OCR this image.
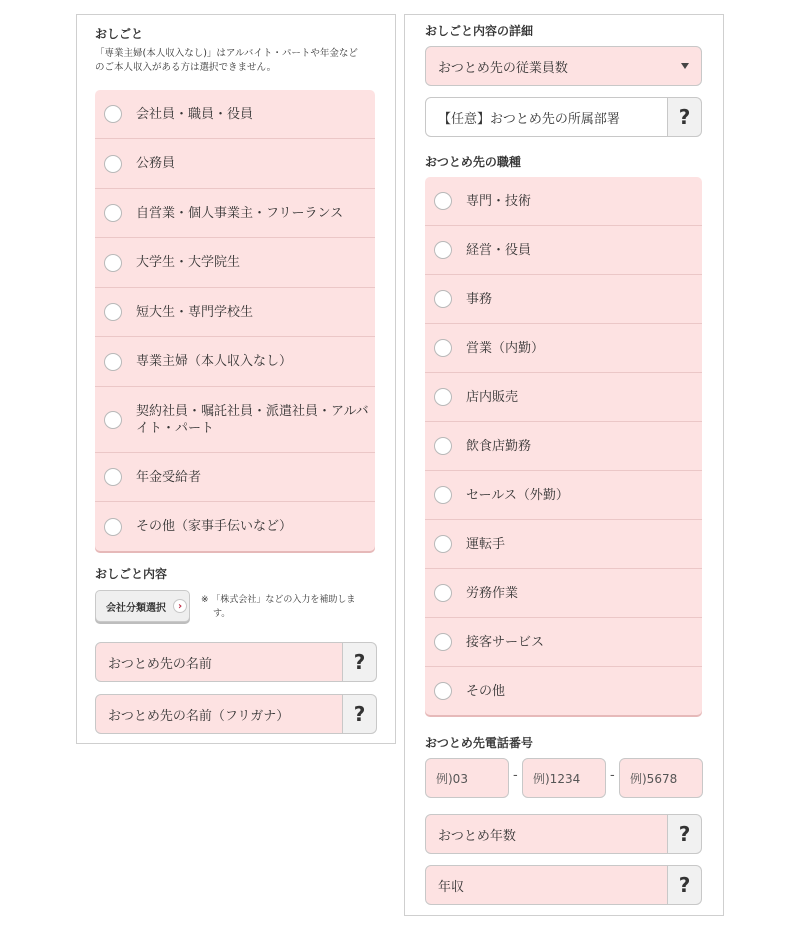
おしごと
「専業主婦(本人収入なし)」はアルバイト・パートや年金など
のご本人収入がある方は選択できません。
会社員・職員・役員
公務員
自営業・個人事業主・フリーランス
大学生・大学院生
短大生・専門学校生
専業主婦（本人収入なし）
契約社員・嘱託社員・派遣社員・アルバイト・パート
年金受給者
その他（家事手伝いなど）
おしごと内容
会社分類選択	›
※ 「株式会社」などの入力を補助しま
す。
おつとめ先の名前	?
おつとめ先の名前（フリガナ）	?
おしごと内容の詳細
おつとめ先の従業員数
【任意】おつとめ先の所属部署	?
おつとめ先の職種
専門・技術
経営・役員
事務
営業（内勤）
店内販売
飲食店勤務
セールス（外勤）
運転手
労務作業
接客サービス
その他
おつとめ先電話番号
例)03	-	例)1234	-	例)5678
おつとめ年数	?
年収	?
